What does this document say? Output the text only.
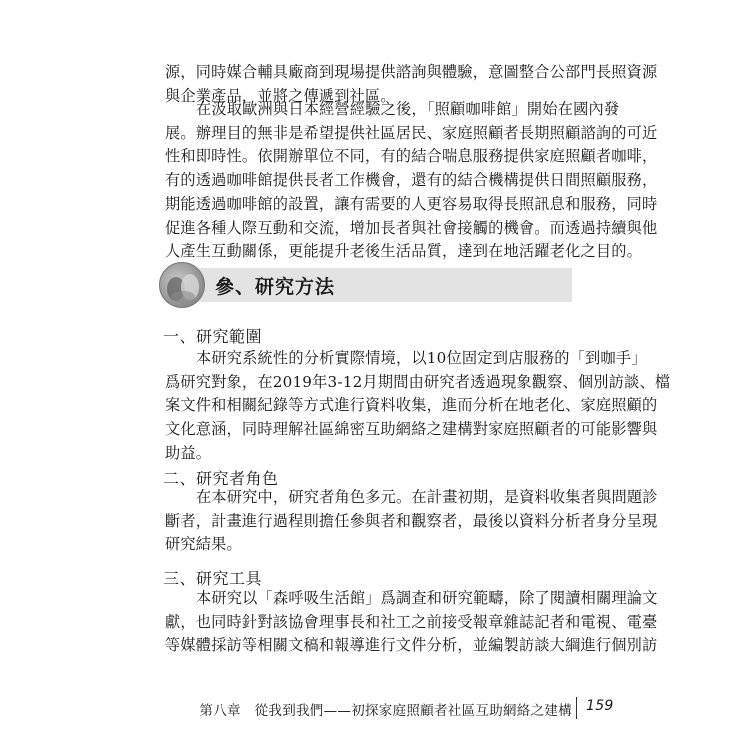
源，同時媒合輔具廠商到現場提供諮詢與體驗，意圖整合公部門長照資源
與企業產品，並將之傳遞到社區。

在汲取歐洲與日本經營經驗之後，「照顧咖啡館」開始在國內發
展。辦理目的無非是希望提供社區居民、家庭照顧者長期照顧諮詢的可近
性和即時性。依開辦單位不同，有的結合喘息服務提供家庭照顧者咖啡，
有的透過咖啡館提供長者工作機會，還有的結合機構提供日間照顧服務，
期能透過咖啡館的設置，讓有需要的人更容易取得長照訊息和服務，同時
促進各種人際互動和交流，增加長者與社會接觸的機會。而透過持續與他
人產生互動關係，更能提升老後生活品質，達到在地活躍老化之目的。

參、研究方法
一、研究範圍

本研究系統性的分析實際情境，以10位固定到店服務的「到咖手」
爲研究對象，在2019年3-12月期間由研究者透過現象觀察、個別訪談、檔
案文件和相關紀錄等方式進行資料收集，進而分析在地老化、家庭照顧的
文化意涵，同時理解社區綿密互助網絡之建構對家庭照顧者的可能影響與
助益。

二、研究者角色

在本研究中，研究者角色多元。在計畫初期，是資料收集者與問題診
斷者，計畫進行過程則擔任參與者和觀察者，最後以資料分析者身分呈現
研究結果。

三、研究工具

本研究以「森呼吸生活館」爲調查和研究範疇，除了閱讀相關理論文
獻，也同時針對該協會理事長和社工之前接受報章雜誌記者和電視、電臺
等媒體採訪等相關文稿和報導進行文件分析，並編製訪談大綱進行個別訪

第八章　從我到我們——初探家庭照顧者社區互助網絡之建構 159
